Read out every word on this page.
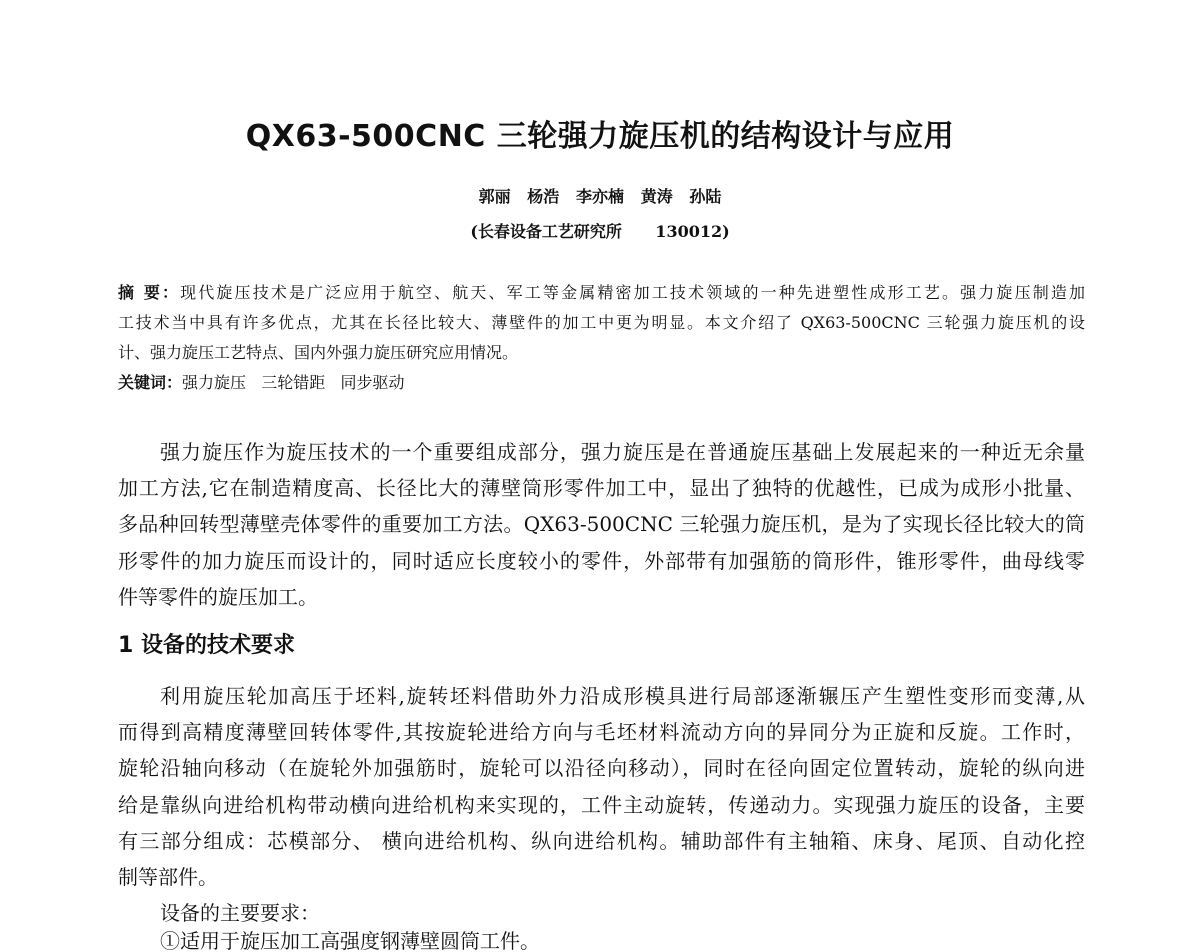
QX63-500CNC 三轮强力旋压机的结构设计与应用
郭丽   杨浩   李亦楠   黄涛   孙陆
(长春设备工艺研究所      130012)
摘 要：现代旋压技术是广泛应用于航空、航天、军工等金属精密加工技术领域的一种先进塑性成形工艺。强力旋压制造加
工技术当中具有许多优点，尤其在长径比较大、薄壁件的加工中更为明显。本文介绍了 QX63-500CNC 三轮强力旋压机的设
计、强力旋压工艺特点、国内外强力旋压研究应用情况。
关键词：强力旋压   三轮错距   同步驱动
强力旋压作为旋压技术的一个重要组成部分，强力旋压是在普通旋压基础上发展起来的一种近无余量
加工方法,它在制造精度高、长径比大的薄壁筒形零件加工中，显出了独特的优越性，已成为成形小批量、
多品种回转型薄壁壳体零件的重要加工方法。QX63-500CNC 三轮强力旋压机，是为了实现长径比较大的筒
形零件的加力旋压而设计的，同时适应长度较小的零件，外部带有加强筋的筒形件，锥形零件，曲母线零
件等零件的旋压加工。
1 设备的技术要求
利用旋压轮加高压于坯料,旋转坯料借助外力沿成形模具进行局部逐渐辗压产生塑性变形而变薄,从
而得到高精度薄壁回转体零件,其按旋轮进给方向与毛坯材料流动方向的异同分为正旋和反旋。工作时，
旋轮沿轴向移动（在旋轮外加强筋时，旋轮可以沿径向移动），同时在径向固定位置转动，旋轮的纵向进
给是靠纵向进给机构带动横向进给机构来实现的，工件主动旋转，传递动力。实现强力旋压的设备，主要
有三部分组成：芯模部分、 横向进给机构、纵向进给机构。辅助部件有主轴箱、床身、尾顶、自动化控
制等部件。
设备的主要要求：
①适用于旋压加工高强度钢薄壁圆筒工件。
